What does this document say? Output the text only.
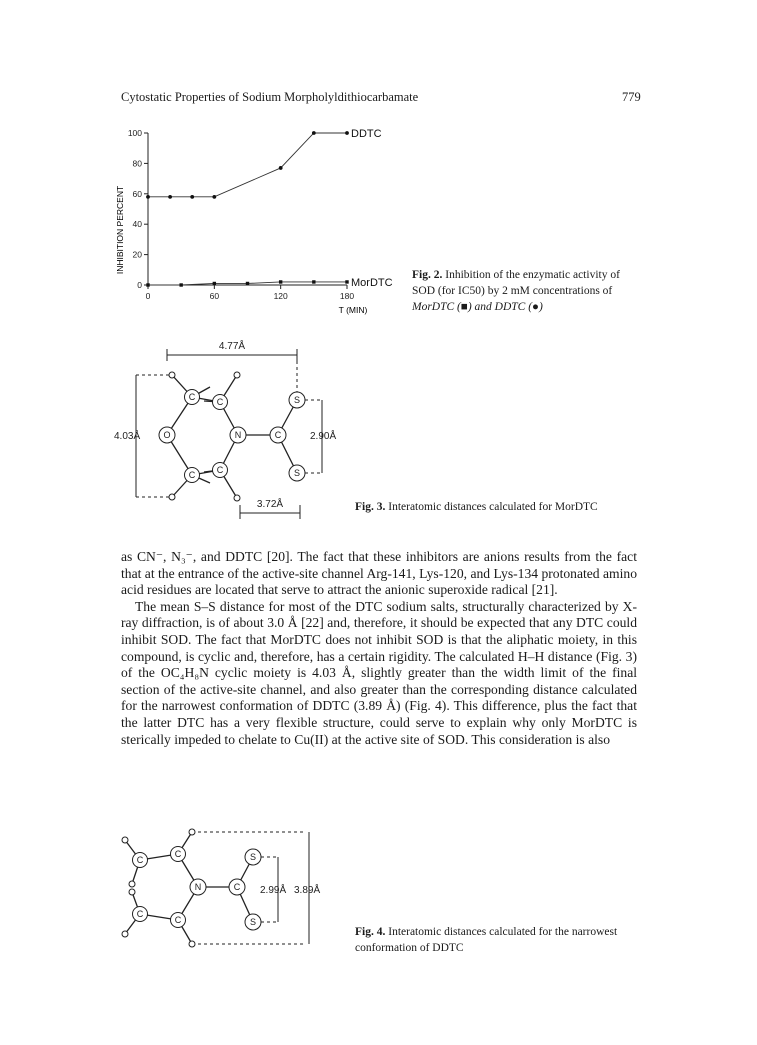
Cytostatic Properties of Sodium Morpholyldithiocarbamate	779
0
20
40
60
80
100
0	60	120	180
DDTC
MorDTC
INHIBITION PERCENT
T (MIN)
Fig. 2. Inhibition of the enzymatic activity of
SOD (for IC50) by 2 mM concentrations of
MorDTC (■) and DDTC (●)
O
C C
C C
N	C
S
S
4.77Å
4.03Å	2.90Å
3.72Å	Fig. 3. Interatomic distances calculated for MorDTC

as CN⁻, N₃⁻, and DDTC [20]. The fact that these inhibitors are anions results from the fact that at the entrance of the active-site channel Arg-141, Lys-120, and Lys-134 protonated amino acid residues are located that serve to attract the anionic superoxide radical [21].

The mean S–S distance for most of the DTC sodium salts, structurally characterized by X-ray diffraction, is of about 3.0 Å [22] and, therefore, it should be expected that any DTC could inhibit SOD. The fact that MorDTC does not inhibit SOD is that the aliphatic moiety, in this compound, is cyclic and, therefore, has a certain rigidity. The calculated H–H distance (Fig. 3) of the OC₄H₈N cyclic moiety is 4.03 Å, slightly greater than the width limit of the final section of the active-site channel, and also greater than the corresponding distance calculated for the narrowest conformation of DDTC (3.89 Å) (Fig. 4). This difference, plus the fact that the latter DTC has a very flexible structure, could serve to explain why only MorDTC is sterically impeded to chelate to Cu(II) at the active site of SOD. This consideration is also

C
C
C
C
N	C
S
S
2.99Å 3.89Å
Fig. 4. Interatomic distances calculated for the narrowest
conformation of DDTC
